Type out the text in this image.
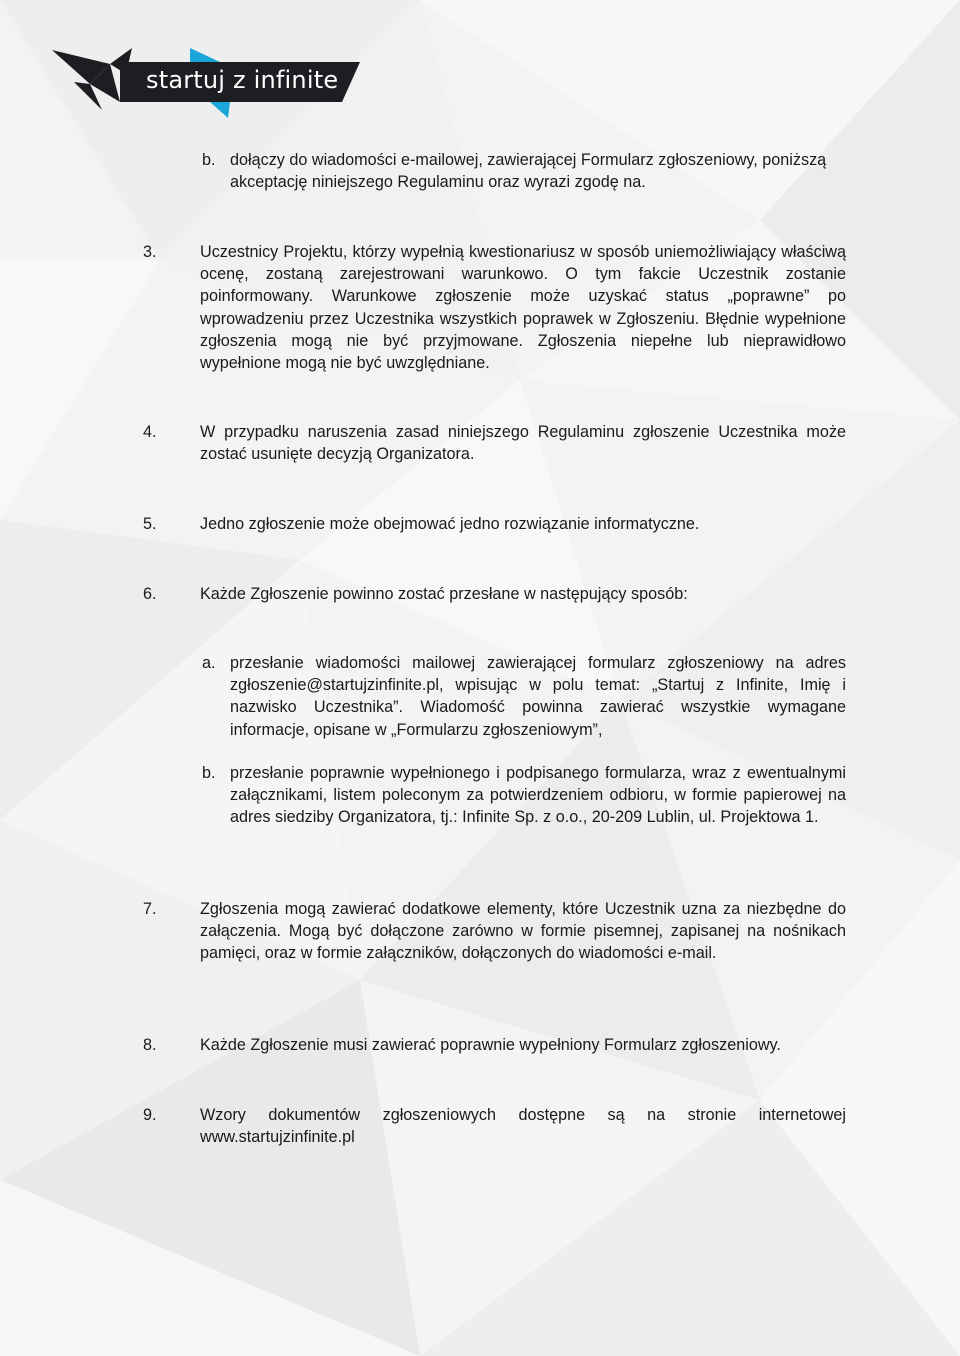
startuj z infinite
b. dołączy do wiadomości e-mailowej, zawierającej Formularz zgłoszeniowy, poniższą akceptację niniejszego Regulaminu oraz wyrazi zgodę na.
3.	Uczestnicy Projektu, którzy wypełnią kwestionariusz w sposób uniemożliwiający właściwą ocenę, zostaną zarejestrowani warunkowo. O tym fakcie Uczestnik zostanie poinformowany. Warunkowe zgłoszenie może uzyskać status „poprawne” po wprowadzeniu przez Uczestnika wszystkich poprawek w Zgłoszeniu. Błędnie wypełnione zgłoszenia mogą nie być przyjmowane. Zgłoszenia niepełne lub nieprawidłowo wypełnione mogą nie być uwzględniane.
4.	W przypadku naruszenia zasad niniejszego Regulaminu zgłoszenie Uczestnika może zostać usunięte decyzją Organizatora.
5.	Jedno zgłoszenie może obejmować jedno rozwiązanie informatyczne.
6.	Każde Zgłoszenie powinno zostać przesłane w następujący sposób:
a. przesłanie wiadomości mailowej zawierającej formularz zgłoszeniowy na adres zgłoszenie@startujzinfinite.pl, wpisując w polu temat: „Startuj z Infinite, Imię i nazwisko Uczestnika”. Wiadomość powinna zawierać wszystkie wymagane informacje, opisane w „Formularzu zgłoszeniowym”,
b. przesłanie poprawnie wypełnionego i podpisanego formularza, wraz z ewentualnymi załącznikami, listem poleconym za potwierdzeniem odbioru, w formie papierowej na adres siedziby Organizatora, tj.: Infinite Sp. z o.o., 20-209 Lublin, ul. Projektowa 1.
7.	Zgłoszenia mogą zawierać dodatkowe elementy, które Uczestnik uzna za niezbędne do załączenia. Mogą być dołączone zarówno w formie pisemnej, zapisanej na nośnikach pamięci, oraz w formie załączników, dołączonych do wiadomości e-mail.
8.	Każde Zgłoszenie musi zawierać poprawnie wypełniony Formularz zgłoszeniowy.
9.	Wzory dokumentów zgłoszeniowych dostępne są na stronie internetowej www.startujzinfinite.pl
